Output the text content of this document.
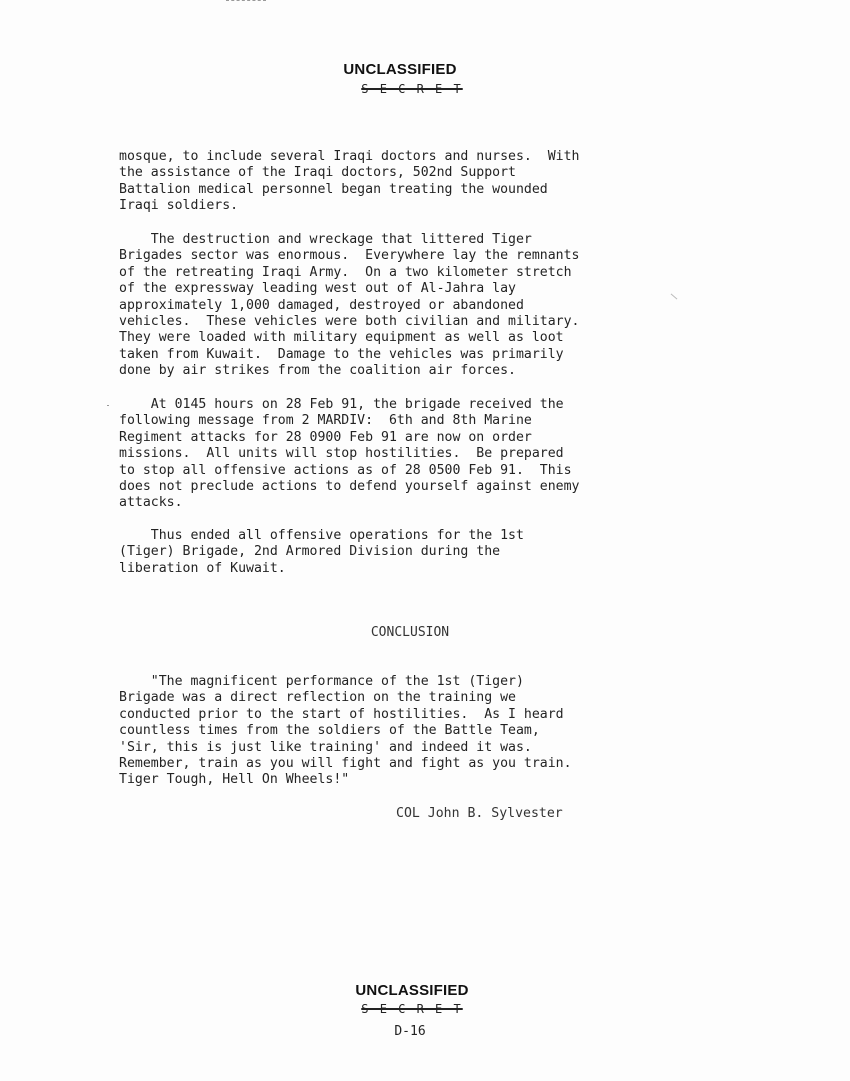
UNCLASSIFIED
S E C R E T
mosque, to include several Iraqi doctors and nurses.  With
the assistance of the Iraqi doctors, 502nd Support
Battalion medical personnel began treating the wounded
Iraqi soldiers.
The destruction and wreckage that littered Tiger
Brigades sector was enormous.  Everywhere lay the remnants
of the retreating Iraqi Army.  On a two kilometer stretch
of the expressway leading west out of Al-Jahra lay
approximately 1,000 damaged, destroyed or abandoned
vehicles.  These vehicles were both civilian and military.
They were loaded with military equipment as well as loot
taken from Kuwait.  Damage to the vehicles was primarily
done by air strikes from the coalition air forces.
At 0145 hours on 28 Feb 91, the brigade received the
following message from 2 MARDIV:  6th and 8th Marine
Regiment attacks for 28 0900 Feb 91 are now on order
missions.  All units will stop hostilities.  Be prepared
to stop all offensive actions as of 28 0500 Feb 91.  This
does not preclude actions to defend yourself against enemy
attacks.
Thus ended all offensive operations for the 1st
(Tiger) Brigade, 2nd Armored Division during the
liberation of Kuwait.
CONCLUSION
"The magnificent performance of the 1st (Tiger)
Brigade was a direct reflection on the training we
conducted prior to the start of hostilities.  As I heard
countless times from the soldiers of the Battle Team,
'Sir, this is just like training' and indeed it was.
Remember, train as you will fight and fight as you train.
Tiger Tough, Hell On Wheels!"
COL John B. Sylvester
UNCLASSIFIED
S E C R E T
D-16
